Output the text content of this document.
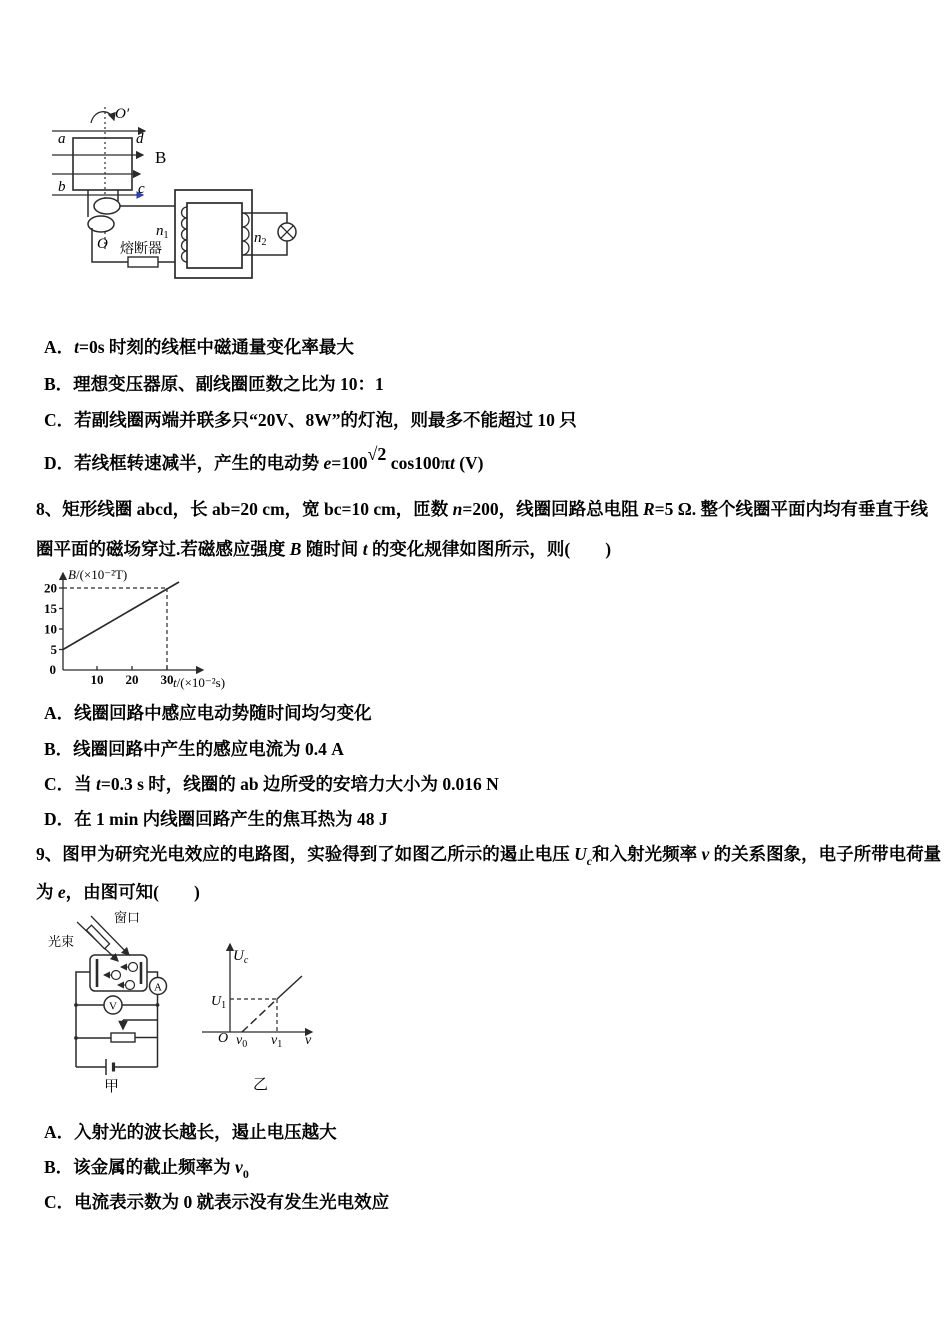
O′
B
a	d
b	c
O 熔断器
$n_1$	$n_2$
A．t=0s 时刻的线框中磁通量变化率最大
B．理想变压器原、副线圈匝数之比为 10：1
C．若副线圈两端并联多只“20V、8W”的灯泡，则最多不能超过 10 只
D．若线框转速减半，产生的电动势 e=100√2 cos100πt (V)
8、矩形线圈 abcd，长 ab=20 cm，宽 bc=10 cm，匝数 n=200，线圈回路总电阻 R=5 Ω. 整个线圈平面内均有垂直于线
圈平面的磁场穿过.若磁感应强度 B 随时间 t 的变化规律如图所示，则(　　)
B/(×10⁻²T)
t/(×10⁻²s)
20
15
10
5
0
10 20 30
A．线圈回路中感应电动势随时间均匀变化
B．线圈回路中产生的感应电流为 0.4 A
C．当 t=0.3 s 时，线圈的 ab 边所受的安培力大小为 0.016 N
D．在 1 min 内线圈回路产生的焦耳热为 48 J
9、图甲为研究光电效应的电路图，实验得到了如图乙所示的遏止电压 $U_c$和入射光频率 v 的关系图象，电子所带电荷量
为 e，由图可知(　　)
窗口
光束
A
V
甲
$U_c$
ν
O
$U_1$
$\nu_0$ $\nu_1$
乙
A．入射光的波长越长，遏止电压越大
B．该金属的截止频率为 $v_0$
C．电流表示数为 0 就表示没有发生光电效应
